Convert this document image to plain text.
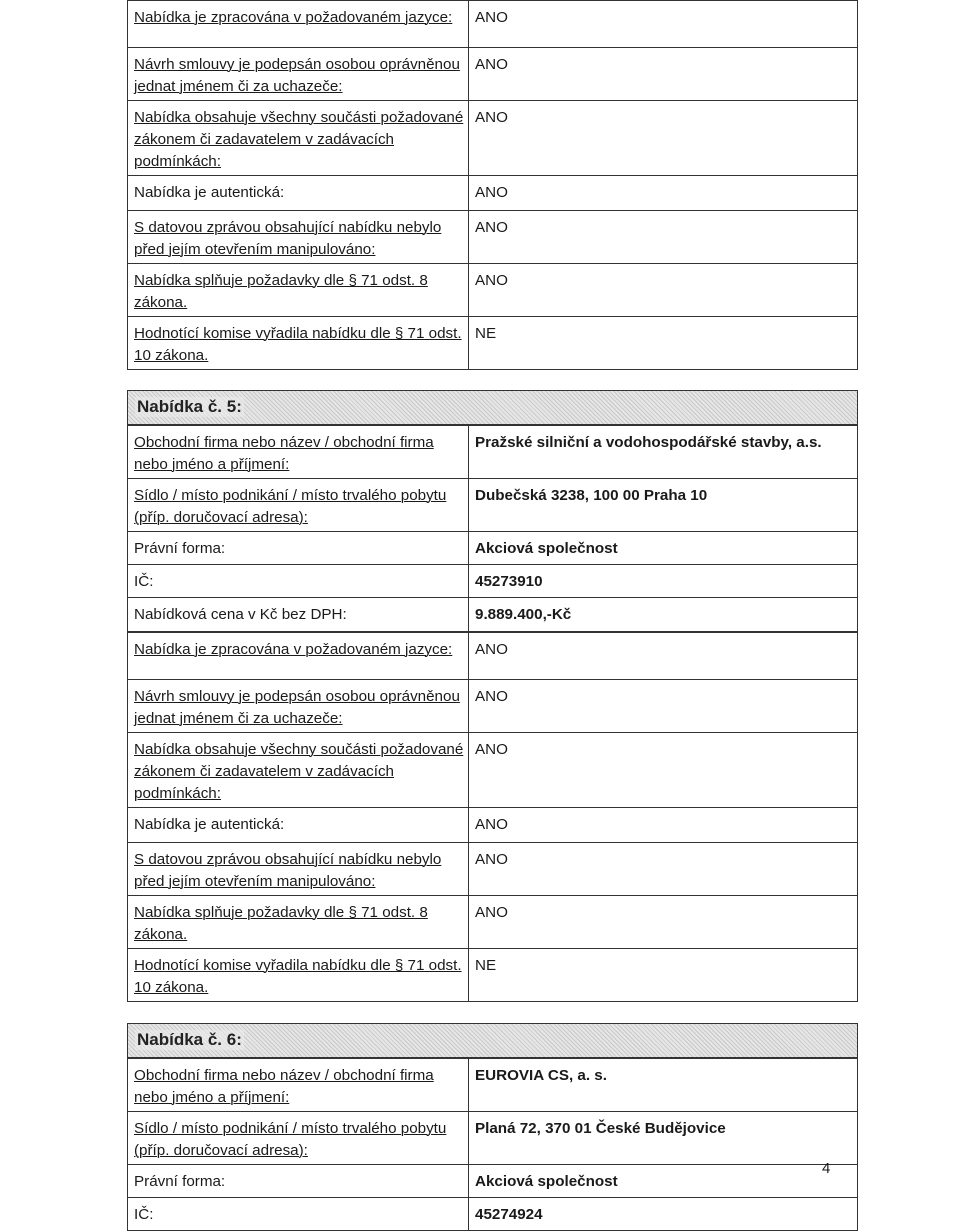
Nabídka je zpracována v požadovaném jazyce:	ANO
Návrh smlouvy je podepsán osobou oprávněnou jednat jménem či za uchazeče:	ANO
Nabídka obsahuje všechny součásti požadované zákonem či zadavatelem v zadávacích podmínkách:	ANO
Nabídka je autentická:	ANO
S datovou zprávou obsahující nabídku nebylo před jejím otevřením manipulováno:	ANO
Nabídka splňuje požadavky dle § 71 odst. 8 zákona.	ANO
Hodnotící komise vyřadila nabídku dle § 71 odst. 10 zákona.	NE
Nabídka č. 5:
Obchodní firma nebo název / obchodní firma nebo jméno a příjmení:	Pražské silniční a vodohospodářské stavby, a.s.
Sídlo / místo podnikání / místo trvalého pobytu (příp. doručovací adresa):	Dubečská 3238, 100 00 Praha 10
Právní forma:	Akciová společnost
IČ:	45273910
Nabídková cena v Kč bez DPH:	9.889.400,-Kč
Nabídka je zpracována v požadovaném jazyce:	ANO
Návrh smlouvy je podepsán osobou oprávněnou jednat jménem či za uchazeče:	ANO
Nabídka obsahuje všechny součásti požadované zákonem či zadavatelem v zadávacích podmínkách:	ANO
Nabídka je autentická:	ANO
S datovou zprávou obsahující nabídku nebylo před jejím otevřením manipulováno:	ANO
Nabídka splňuje požadavky dle § 71 odst. 8 zákona.	ANO
Hodnotící komise vyřadila nabídku dle § 71 odst. 10 zákona.	NE
Nabídka č. 6:
Obchodní firma nebo název / obchodní firma nebo jméno a příjmení:	EUROVIA CS, a. s.
Sídlo / místo podnikání / místo trvalého pobytu (příp. doručovací adresa):	Planá 72, 370 01 České Budějovice
Právní forma:	Akciová společnost
IČ:	45274924
4
